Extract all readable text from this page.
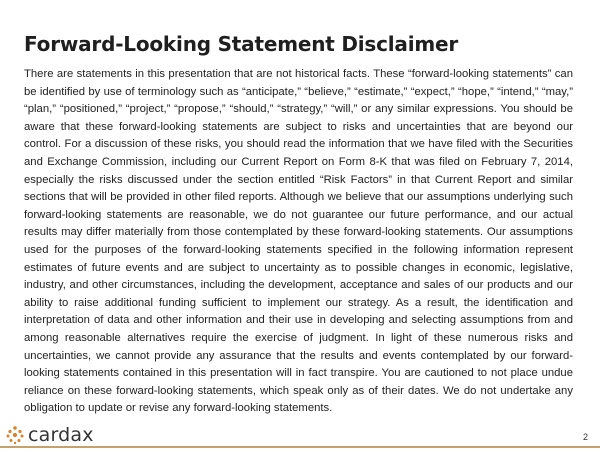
Forward-Looking Statement Disclaimer

There are statements in this presentation that are not historical facts. These “forward-looking statements” can be identified by use of terminology such as “anticipate,” “believe,” “estimate,” “expect,” “hope,” “intend,” “may,” “plan,” “positioned,” “project,” “propose,” “should,” “strategy,” “will,” or any similar expressions. You should be aware that these forward-looking statements are subject to risks and uncertainties that are beyond our control. For a discussion of these risks, you should read the information that we have filed with the Securities and Exchange Commission, including our Current Report on Form 8-K that was filed on February 7, 2014, especially the risks discussed under the section entitled “Risk Factors” in that Current Report and similar sections that will be provided in other filed reports. Although we believe that our assumptions underlying such forward-looking statements are reasonable, we do not guarantee our future performance, and our actual results may differ materially from those contemplated by these forward-looking statements. Our assumptions used for the purposes of the forward-looking statements specified in the following information represent estimates of future events and are subject to uncertainty as to possible changes in economic, legislative, industry, and other circumstances, including the development, acceptance and sales of our products and our ability to raise additional funding sufficient to implement our strategy. As a result, the identification and interpretation of data and other information and their use in developing and selecting assumptions from and among reasonable alternatives require the exercise of judgment. In light of these numerous risks and uncertainties, we cannot provide any assurance that the results and events contemplated by our forward-looking statements contained in this presentation will in fact transpire. You are cautioned to not place undue reliance on these forward-looking statements, which speak only as of their dates. We do not undertake any obligation to update or revise any forward-looking statements.

cardax	2
